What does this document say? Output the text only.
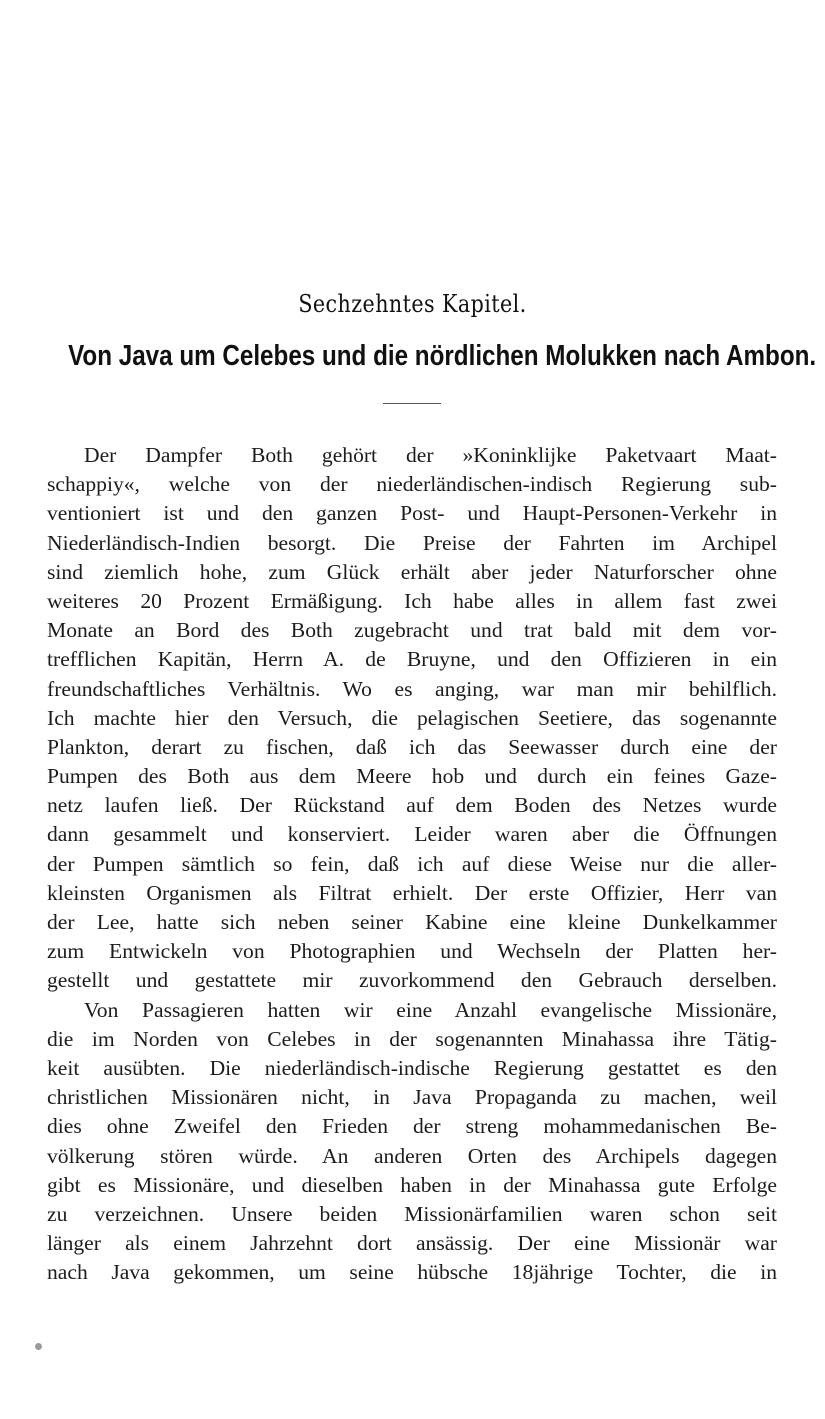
Sechzehntes Kapitel.
Von Java um Celebes und die nördlichen Molukken nach Ambon.
Der Dampfer Both gehört der »Koninklijke Paketvaart Maat-
schappiy«, welche von der niederländischen-indisch Regierung sub-
ventioniert ist und den ganzen Post- und Haupt-Personen-Verkehr in
Niederländisch-Indien besorgt. Die Preise der Fahrten im Archipel
sind ziemlich hohe, zum Glück erhält aber jeder Naturforscher ohne
weiteres 20 Prozent Ermäßigung. Ich habe alles in allem fast zwei
Monate an Bord des Both zugebracht und trat bald mit dem vor-
trefflichen Kapitän, Herrn A. de Bruyne, und den Offizieren in ein
freundschaftliches Verhältnis. Wo es anging, war man mir behilflich.
Ich machte hier den Versuch, die pelagischen Seetiere, das sogenannte
Plankton, derart zu fischen, daß ich das Seewasser durch eine der
Pumpen des Both aus dem Meere hob und durch ein feines Gaze-
netz laufen ließ. Der Rückstand auf dem Boden des Netzes wurde
dann gesammelt und konserviert. Leider waren aber die Öffnungen
der Pumpen sämtlich so fein, daß ich auf diese Weise nur die aller-
kleinsten Organismen als Filtrat erhielt. Der erste Offizier, Herr van
der Lee, hatte sich neben seiner Kabine eine kleine Dunkelkammer
zum Entwickeln von Photographien und Wechseln der Platten her-
gestellt und gestattete mir zuvorkommend den Gebrauch derselben.
Von Passagieren hatten wir eine Anzahl evangelische Missionäre,
die im Norden von Celebes in der sogenannten Minahassa ihre Tätig-
keit ausübten. Die niederländisch-indische Regierung gestattet es den
christlichen Missionären nicht, in Java Propaganda zu machen, weil
dies ohne Zweifel den Frieden der streng mohammedanischen Be-
völkerung stören würde. An anderen Orten des Archipels dagegen
gibt es Missionäre, und dieselben haben in der Minahassa gute Erfolge
zu verzeichnen. Unsere beiden Missionärfamilien waren schon seit
länger als einem Jahrzehnt dort ansässig. Der eine Missionär war
nach Java gekommen, um seine hübsche 18jährige Tochter, die in
